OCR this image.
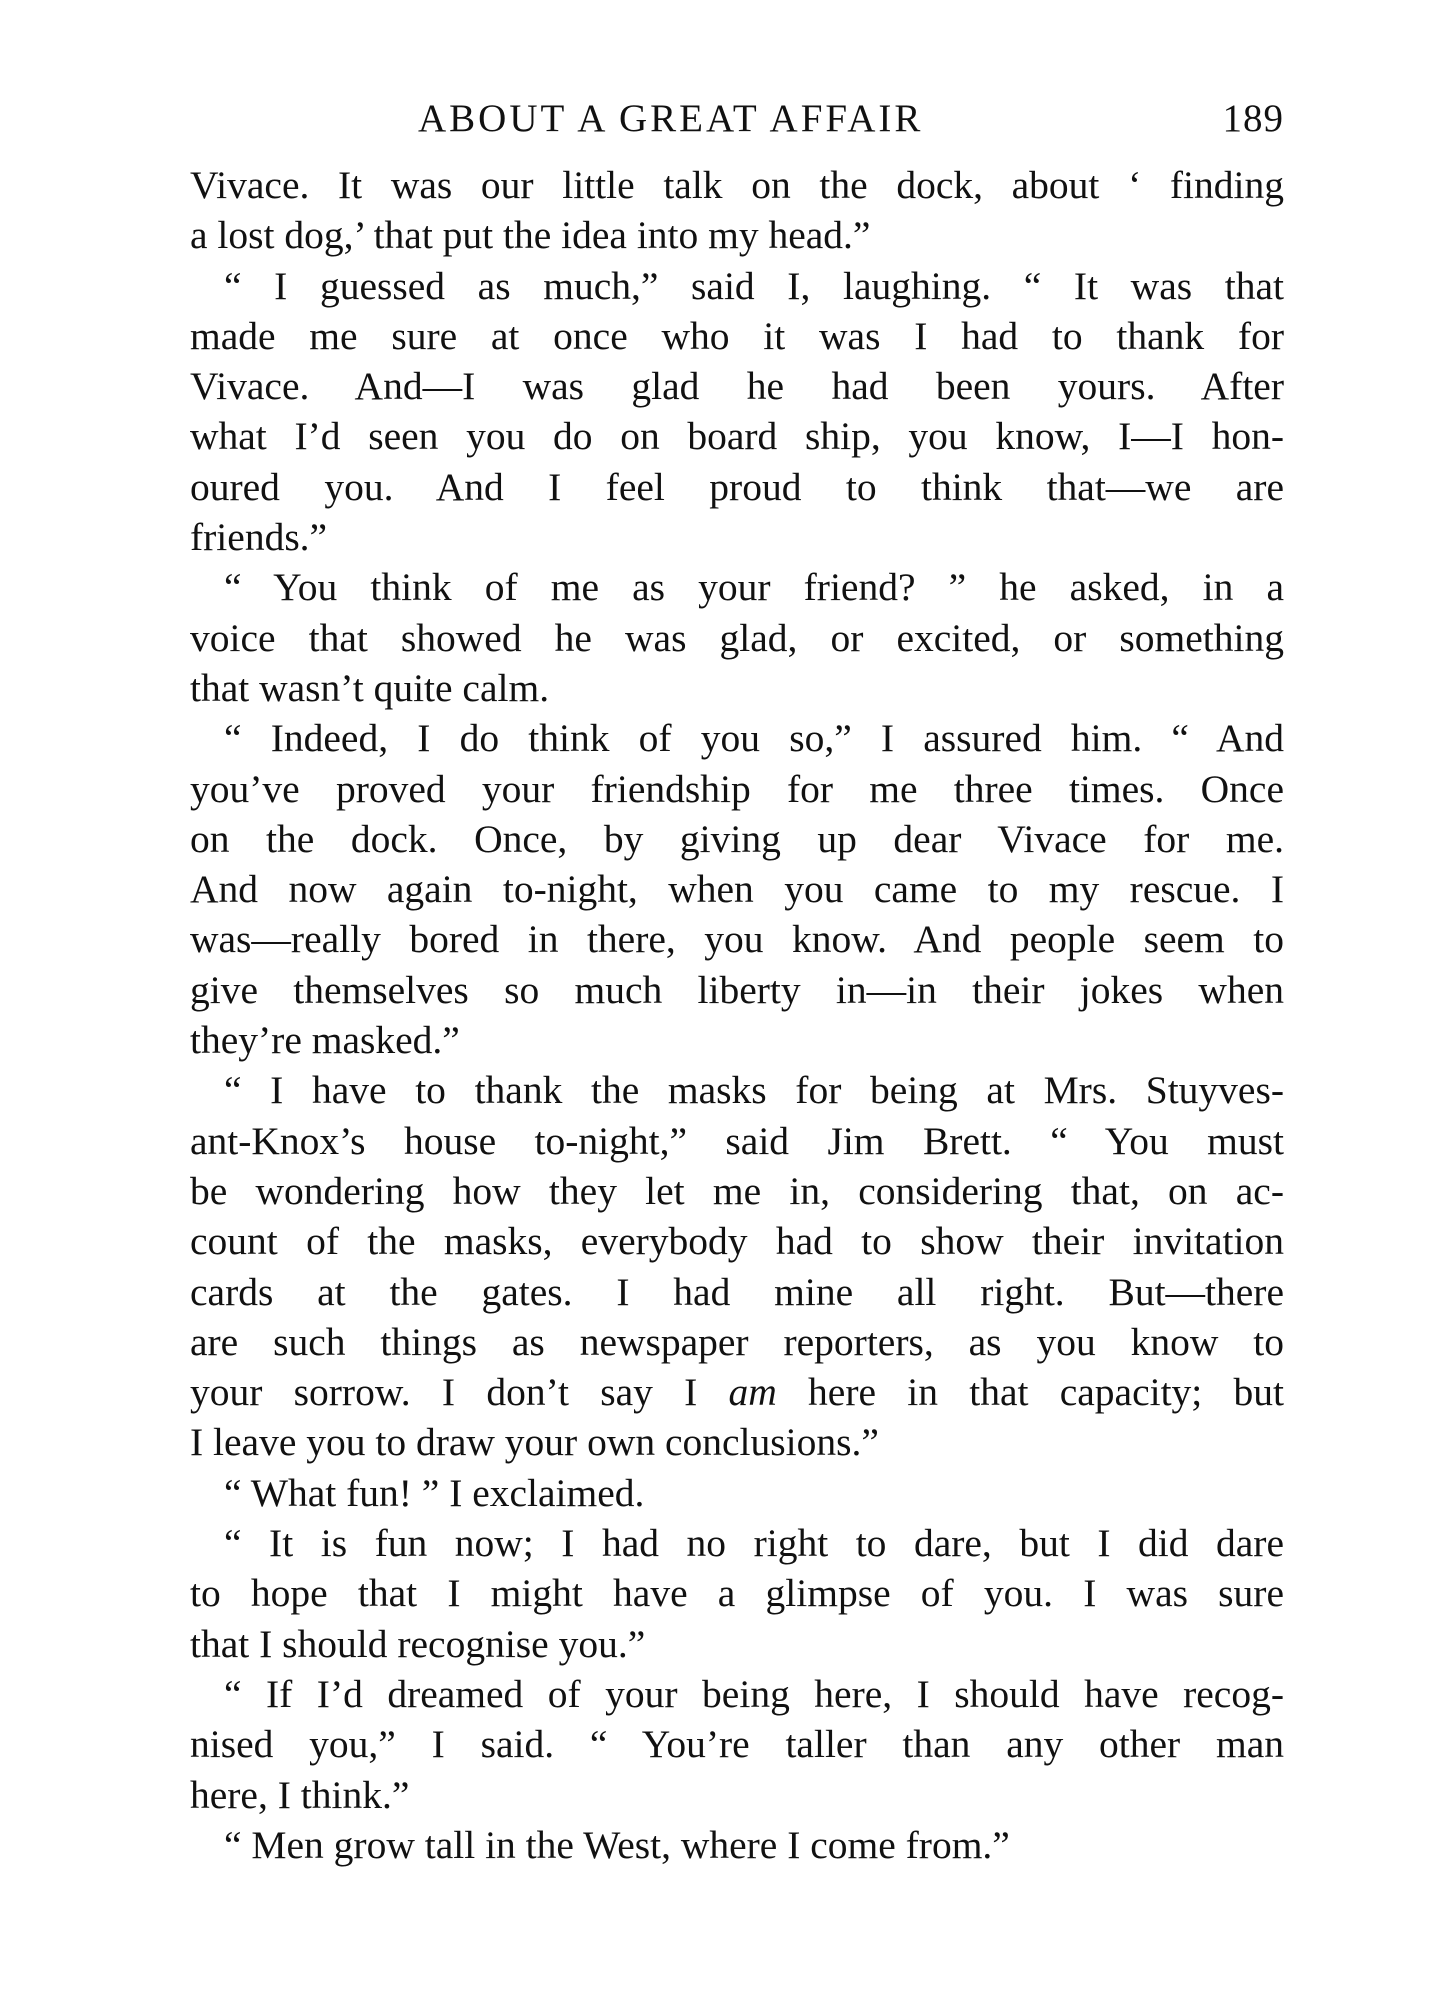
ABOUT A GREAT AFFAIR	189
Vivace. It was our little talk on the dock, about ‘ finding
a lost dog,’ that put the idea into my head.”
“ I guessed as much,” said I, laughing. “ It was that
made me sure at once who it was I had to thank for
Vivace. And—I was glad he had been yours. After
what I’d seen you do on board ship, you know, I—I hon-
oured you. And I feel proud to think that—we are
friends.”
“ You think of me as your friend? ” he asked, in a
voice that showed he was glad, or excited, or something
that wasn’t quite calm.
“ Indeed, I do think of you so,” I assured him. “ And
you’ve proved your friendship for me three times. Once
on the dock. Once, by giving up dear Vivace for me.
And now again to-night, when you came to my rescue. I
was—really bored in there, you know. And people seem to
give themselves so much liberty in—in their jokes when
they’re masked.”
“ I have to thank the masks for being at Mrs. Stuyves-
ant-Knox’s house to-night,” said Jim Brett. “ You must
be wondering how they let me in, considering that, on ac-
count of the masks, everybody had to show their invitation
cards at the gates. I had mine all right. But—there
are such things as newspaper reporters, as you know to
your sorrow. I don’t say I am here in that capacity; but
I leave you to draw your own conclusions.”
“ What fun! ” I exclaimed.
“ It is fun now; I had no right to dare, but I did dare
to hope that I might have a glimpse of you. I was sure
that I should recognise you.”
“ If I’d dreamed of your being here, I should have recog-
nised you,” I said. “ You’re taller than any other man
here, I think.”
“ Men grow tall in the West, where I come from.”
